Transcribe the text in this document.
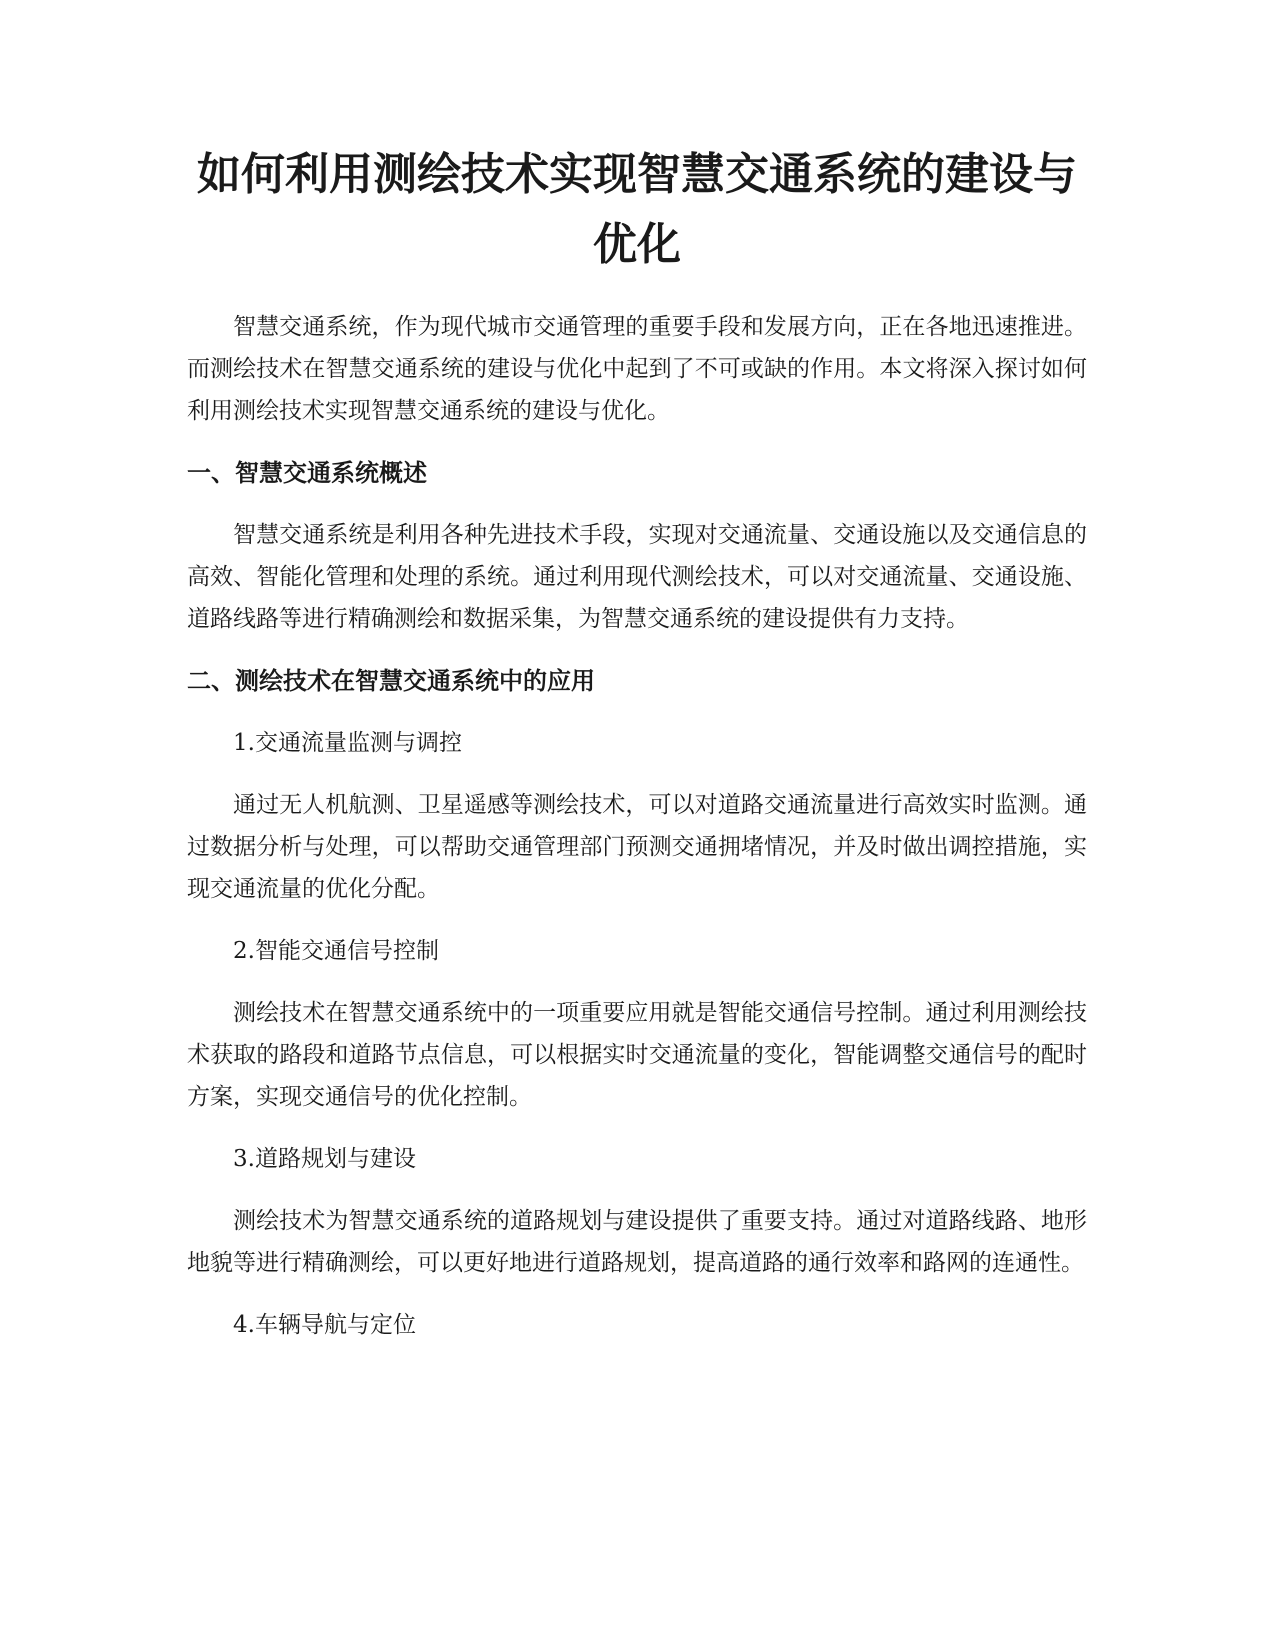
如何利用测绘技术实现智慧交通系统的建设与优化

智慧交通系统，作为现代城市交通管理的重要手段和发展方向，正在各地迅速推进。而测绘技术在智慧交通系统的建设与优化中起到了不可或缺的作用。本文将深入探讨如何利用测绘技术实现智慧交通系统的建设与优化。

一、智慧交通系统概述

智慧交通系统是利用各种先进技术手段，实现对交通流量、交通设施以及交通信息的高效、智能化管理和处理的系统。通过利用现代测绘技术，可以对交通流量、交通设施、道路线路等进行精确测绘和数据采集，为智慧交通系统的建设提供有力支持。

二、测绘技术在智慧交通系统中的应用

1.交通流量监测与调控

通过无人机航测、卫星遥感等测绘技术，可以对道路交通流量进行高效实时监测。通过数据分析与处理，可以帮助交通管理部门预测交通拥堵情况，并及时做出调控措施，实现交通流量的优化分配。

2.智能交通信号控制

测绘技术在智慧交通系统中的一项重要应用就是智能交通信号控制。通过利用测绘技术获取的路段和道路节点信息，可以根据实时交通流量的变化，智能调整交通信号的配时方案，实现交通信号的优化控制。

3.道路规划与建设

测绘技术为智慧交通系统的道路规划与建设提供了重要支持。通过对道路线路、地形地貌等进行精确测绘，可以更好地进行道路规划，提高道路的通行效率和路网的连通性。

4.车辆导航与定位
